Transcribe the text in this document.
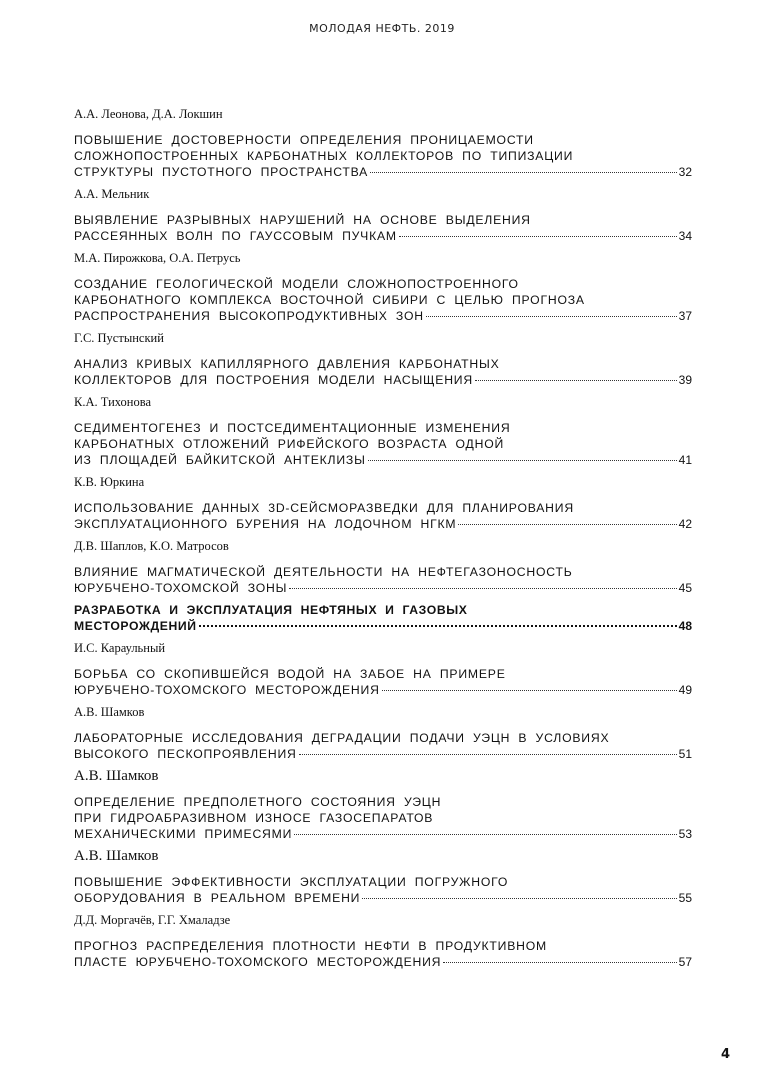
МОЛОДАЯ НЕФТЬ. 2019
А.А. Леонова, Д.А. Локшин
ПОВЫШЕНИЕ ДОСТОВЕРНОСТИ ОПРЕДЕЛЕНИЯ ПРОНИЦАЕМОСТИ
СЛОЖНОПОСТРОЕННЫХ КАРБОНАТНЫХ КОЛЛЕКТОРОВ ПО ТИПИЗАЦИИ
СТРУКТУРЫ ПУСТОТНОГО ПРОСТРАНСТВА	32
А.А. Мельник
ВЫЯВЛЕНИЕ РАЗРЫВНЫХ НАРУШЕНИЙ НА ОСНОВЕ ВЫДЕЛЕНИЯ
РАССЕЯННЫХ ВОЛН ПО ГАУССОВЫМ ПУЧКАМ	34
М.А. Пирожкова, О.А. Петрусь
СОЗДАНИЕ ГЕОЛОГИЧЕСКОЙ МОДЕЛИ СЛОЖНОПОСТРОЕННОГО
КАРБОНАТНОГО КОМПЛЕКСА ВОСТОЧНОЙ СИБИРИ С ЦЕЛЬЮ ПРОГНОЗА
РАСПРОСТРАНЕНИЯ ВЫСОКОПРОДУКТИВНЫХ ЗОН	37
Г.С. Пустынский
АНАЛИЗ КРИВЫХ КАПИЛЛЯРНОГО ДАВЛЕНИЯ КАРБОНАТНЫХ
КОЛЛЕКТОРОВ ДЛЯ ПОСТРОЕНИЯ МОДЕЛИ НАСЫЩЕНИЯ	39
К.А. Тихонова
СЕДИМЕНТОГЕНЕЗ И ПОСТСЕДИМЕНТАЦИОННЫЕ ИЗМЕНЕНИЯ
КАРБОНАТНЫХ ОТЛОЖЕНИЙ РИФЕЙСКОГО ВОЗРАСТА ОДНОЙ
ИЗ ПЛОЩАДЕЙ БАЙКИТСКОЙ АНТЕКЛИЗЫ	41
К.В. Юркина
ИСПОЛЬЗОВАНИЕ ДАННЫХ 3D-СЕЙСМОРАЗВЕДКИ ДЛЯ ПЛАНИРОВАНИЯ
ЭКСПЛУАТАЦИОННОГО БУРЕНИЯ НА ЛОДОЧНОМ НГКМ	42
Д.В. Шаплов, К.О. Матросов
ВЛИЯНИЕ МАГМАТИЧЕСКОЙ ДЕЯТЕЛЬНОСТИ НА НЕФТЕГАЗОНОСНОСТЬ
ЮРУБЧЕНО-ТОХОМСКОЙ ЗОНЫ	45
РАЗРАБОТКА И ЭКСПЛУАТАЦИЯ НЕФТЯНЫХ И ГАЗОВЫХ
МЕСТОРОЖДЕНИЙ	48
И.С. Караульный
БОРЬБА СО СКОПИВШЕЙСЯ ВОДОЙ НА ЗАБОЕ НА ПРИМЕРЕ
ЮРУБЧЕНО-ТОХОМСКОГО МЕСТОРОЖДЕНИЯ	49
А.В. Шамков
ЛАБОРАТОРНЫЕ ИССЛЕДОВАНИЯ ДЕГРАДАЦИИ ПОДАЧИ УЭЦН В УСЛОВИЯХ
ВЫСОКОГО ПЕСКОПРОЯВЛЕНИЯ	51
А.В. Шамков
ОПРЕДЕЛЕНИЕ ПРЕДПОЛЕТНОГО СОСТОЯНИЯ УЭЦН
ПРИ ГИДРОАБРАЗИВНОМ ИЗНОСЕ ГАЗОСЕПАРАТОВ
МЕХАНИЧЕСКИМИ ПРИМЕСЯМИ	53
А.В. Шамков
ПОВЫШЕНИЕ ЭФФЕКТИВНОСТИ ЭКСПЛУАТАЦИИ ПОГРУЖНОГО
ОБОРУДОВАНИЯ В РЕАЛЬНОМ ВРЕМЕНИ	55
Д.Д. Моргачёв, Г.Г. Хмаладзе
ПРОГНОЗ РАСПРЕДЕЛЕНИЯ ПЛОТНОСТИ НЕФТИ В ПРОДУКТИВНОМ
ПЛАСТЕ ЮРУБЧЕНО-ТОХОМСКОГО МЕСТОРОЖДЕНИЯ	57
4
